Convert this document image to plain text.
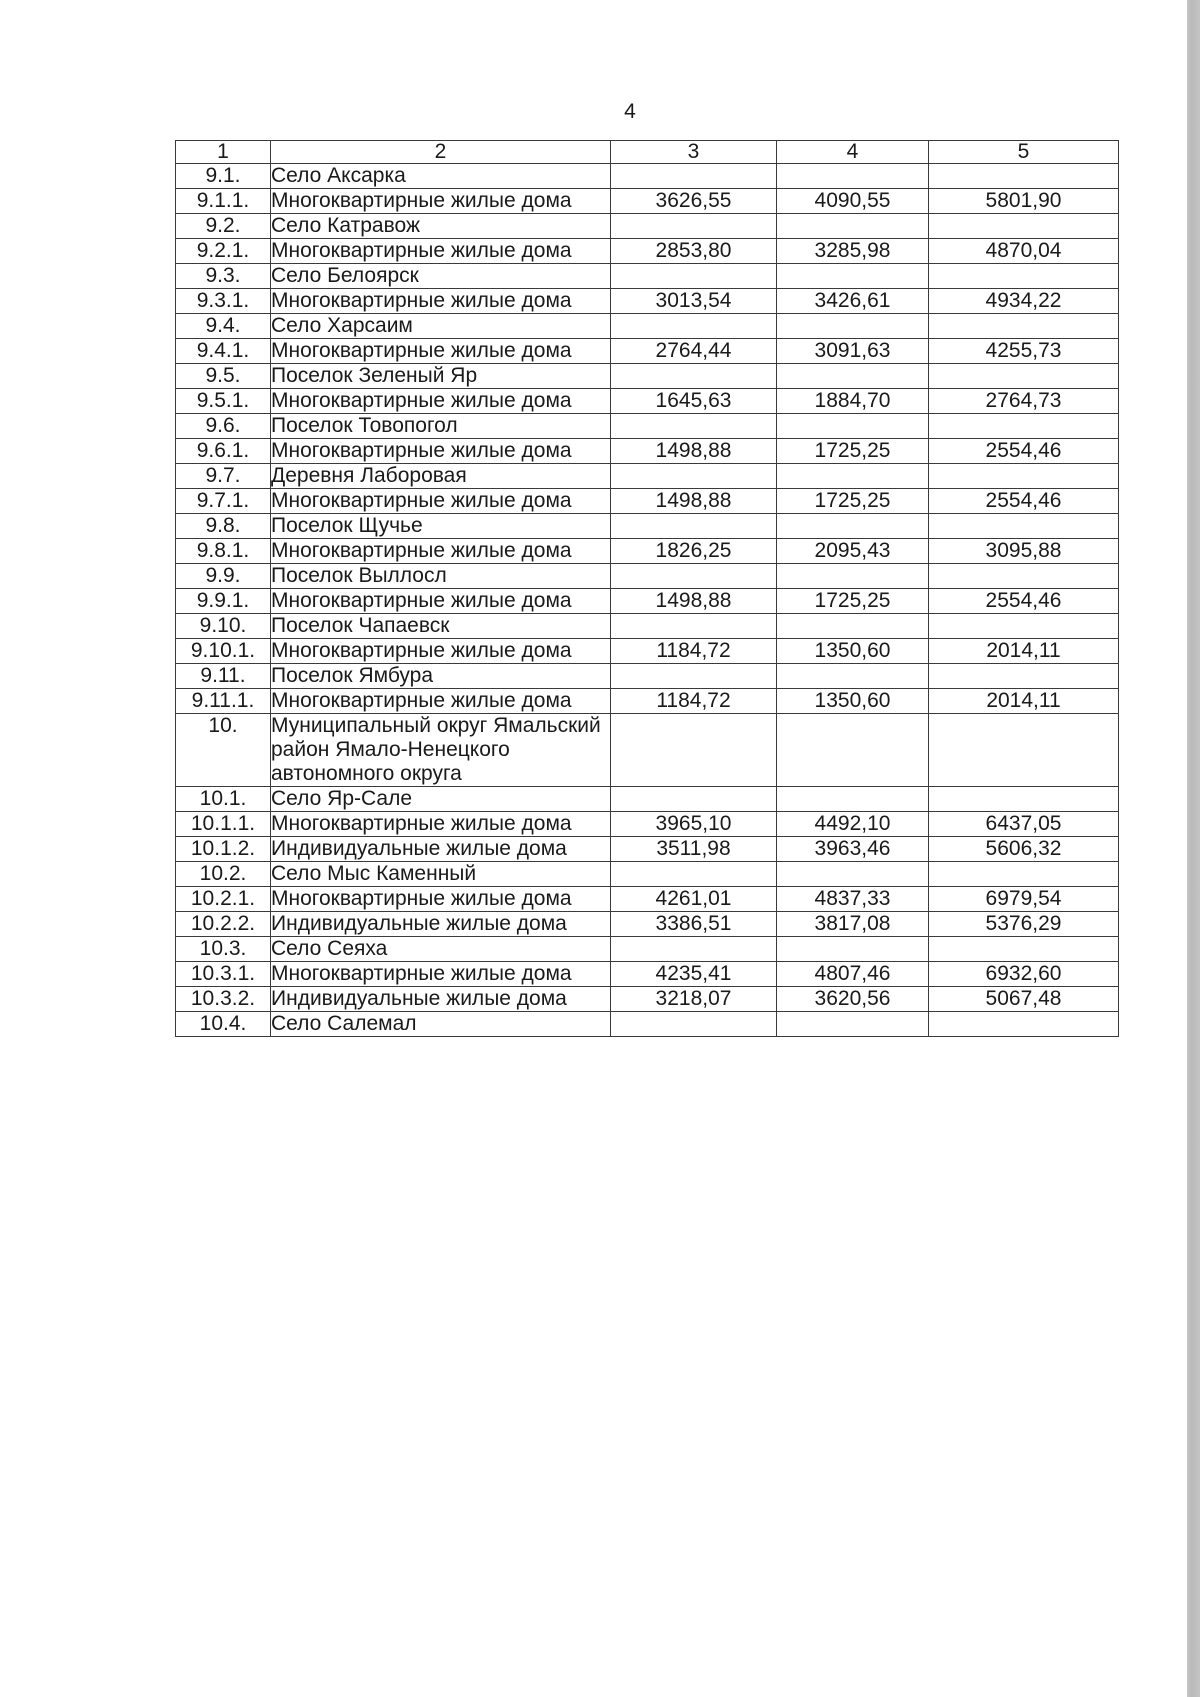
4
1	2	3	4	5
9.1.	Село Аксарка			
9.1.1.	Многоквартирные жилые дома	3626,55	4090,55	5801,90
9.2.	Село Катравож			
9.2.1.	Многоквартирные жилые дома	2853,80	3285,98	4870,04
9.3.	Село Белоярск			
9.3.1.	Многоквартирные жилые дома	3013,54	3426,61	4934,22
9.4.	Село Харсаим			
9.4.1.	Многоквартирные жилые дома	2764,44	3091,63	4255,73
9.5.	Поселок Зеленый Яр			
9.5.1.	Многоквартирные жилые дома	1645,63	1884,70	2764,73
9.6.	Поселок Товопогол			
9.6.1.	Многоквартирные жилые дома	1498,88	1725,25	2554,46
9.7.	Деревня Лаборовая			
9.7.1.	Многоквартирные жилые дома	1498,88	1725,25	2554,46
9.8.	Поселок Щучье			
9.8.1.	Многоквартирные жилые дома	1826,25	2095,43	3095,88
9.9.	Поселок Выллосл			
9.9.1.	Многоквартирные жилые дома	1498,88	1725,25	2554,46
9.10.	Поселок Чапаевск			
9.10.1.	Многоквартирные жилые дома	1184,72	1350,60	2014,11
9.11.	Поселок Ямбура			
9.11.1.	Многоквартирные жилые дома	1184,72	1350,60	2014,11
10.	Муниципальный округ Ямальский район Ямало-Ненецкого автономного округа			
10.1.	Село Яр-Сале			
10.1.1.	Многоквартирные жилые дома	3965,10	4492,10	6437,05
10.1.2.	Индивидуальные жилые дома	3511,98	3963,46	5606,32
10.2.	Село Мыс Каменный			
10.2.1.	Многоквартирные жилые дома	4261,01	4837,33	6979,54
10.2.2.	Индивидуальные жилые дома	3386,51	3817,08	5376,29
10.3.	Село Сеяха			
10.3.1.	Многоквартирные жилые дома	4235,41	4807,46	6932,60
10.3.2.	Индивидуальные жилые дома	3218,07	3620,56	5067,48
10.4.	Село Салемал			
